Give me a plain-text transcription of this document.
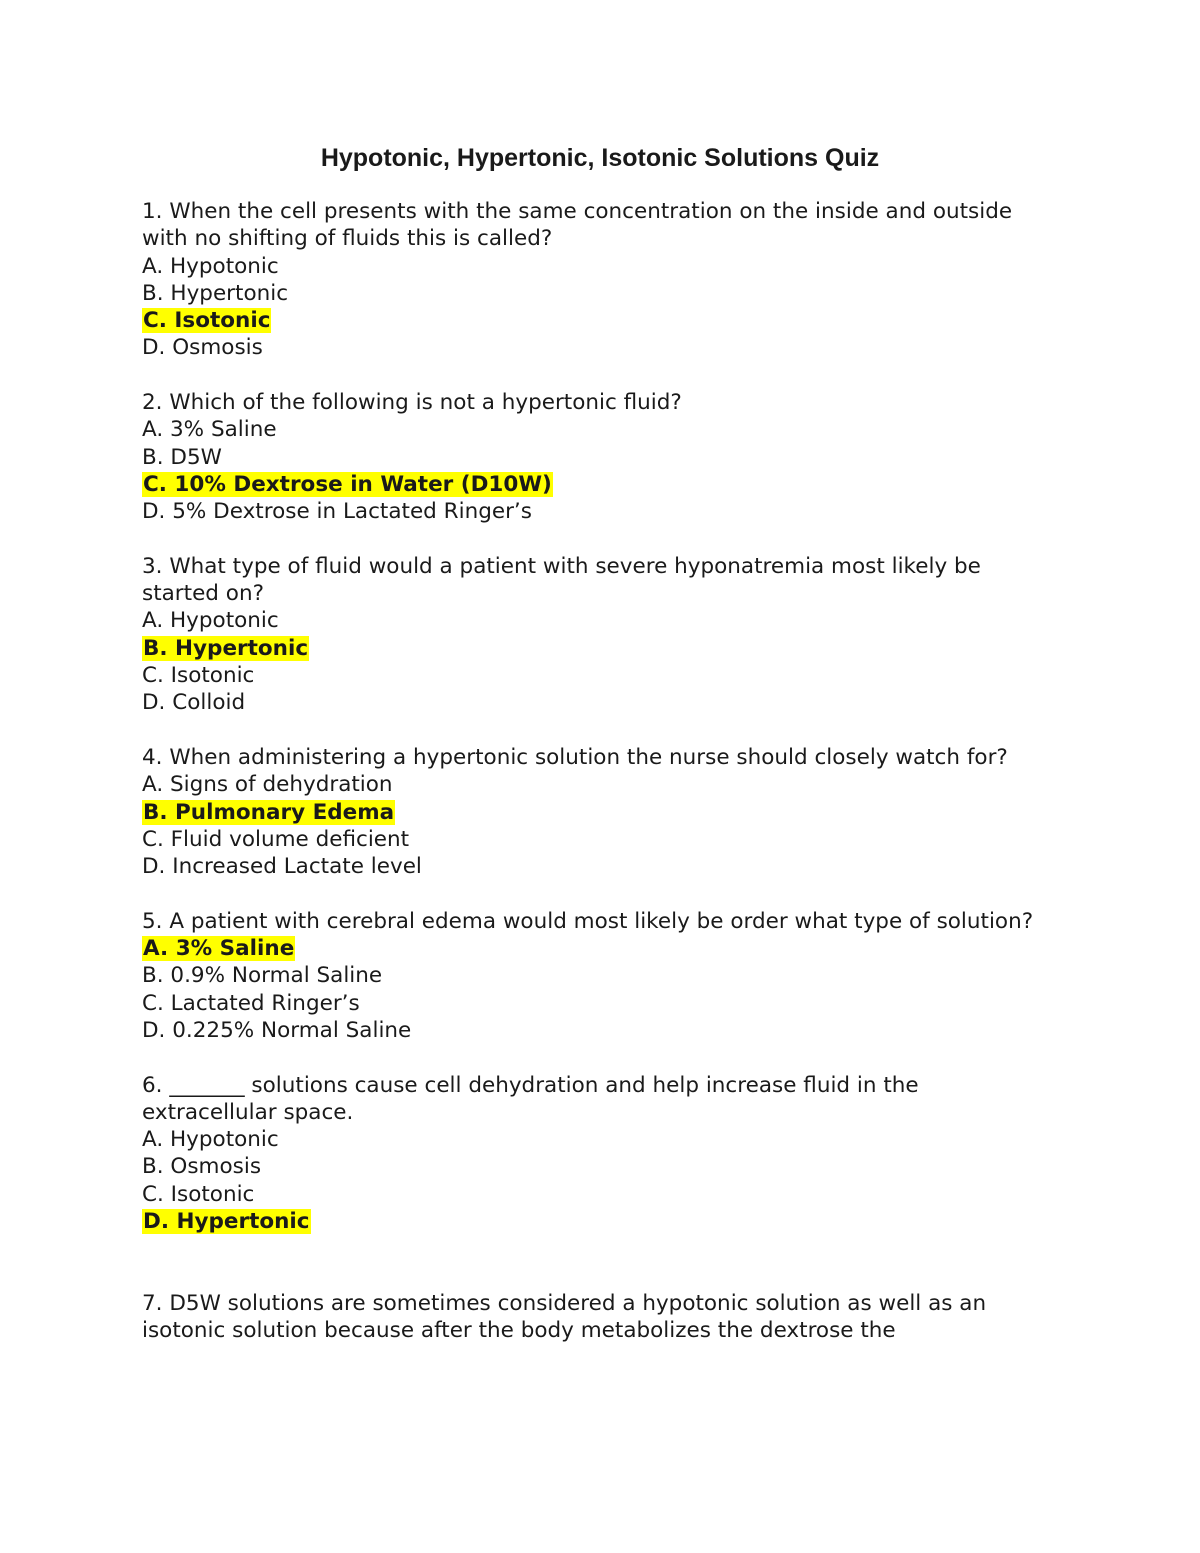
Hypotonic, Hypertonic, Isotonic Solutions Quiz
1. When the cell presents with the same concentration on the inside and outside with no shifting of fluids this is called?
A. Hypotonic
B. Hypertonic
C. Isotonic
D. Osmosis
2. Which of the following is not a hypertonic fluid?
A. 3% Saline
B. D5W
C. 10% Dextrose in Water (D10W)
D. 5% Dextrose in Lactated Ringer’s
3. What type of fluid would a patient with severe hyponatremia most likely be started on?
A. Hypotonic
B. Hypertonic
C. Isotonic
D. Colloid
4. When administering a hypertonic solution the nurse should closely watch for?
A. Signs of dehydration
B. Pulmonary Edema
C. Fluid volume deficient
D. Increased Lactate level
5. A patient with cerebral edema would most likely be order what type of solution?
A. 3% Saline
B. 0.9% Normal Saline
C. Lactated Ringer’s
D. 0.225% Normal Saline
6. _______ solutions cause cell dehydration and help increase fluid in the extracellular space.
A. Hypotonic
B. Osmosis
C. Isotonic
D. Hypertonic
7. D5W solutions are sometimes considered a hypotonic solution as well as an isotonic solution because after the body metabolizes the dextrose the
